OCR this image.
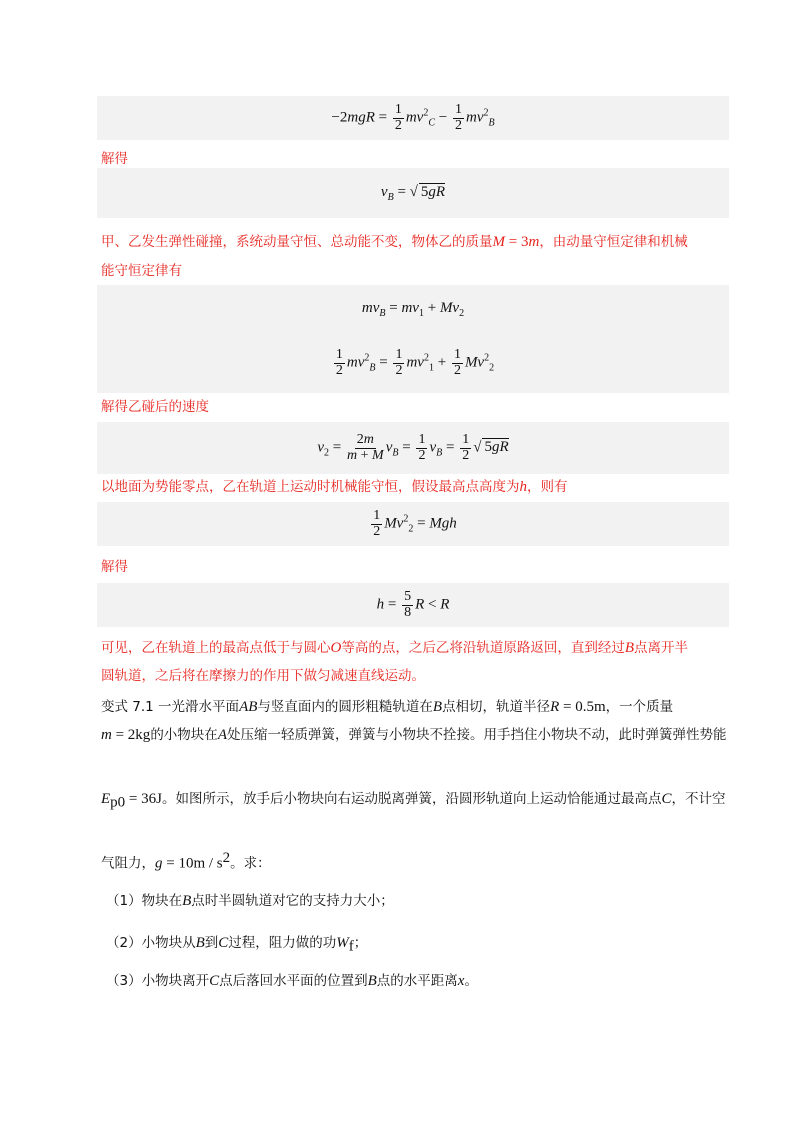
$-2mgR = \frac{1}{2} mv^2_C - \frac{1}{2} mv^2_B$
解得
$v_B$ = √ 5gR
甲、乙发生弹性碰撞，系统动量守恒、总动能不变，物体乙的质量M = 3m，由动量守恒定律和机械
能守恒定律有
$mv_B = mv_1 + Mv_2$
$\frac{1}{2} mv^2_B = \frac{1}{2} mv^2_1 + \frac{1}{2} Mv^2_2$
解得乙碰后的速度
$v_2 = \frac{2m}{m + M} v_B = \frac{1}{2} v_B = \frac{1}{2}$ √ 5gR
以地面为势能零点，乙在轨道上运动时机械能守恒，假设最高点高度为h，则有
$\frac{1}{2} Mv^2_2$ = Mgh
解得
$h = \frac{5}{8}$ R < R
可见，乙在轨道上的最高点低于与圆心O等高的点，之后乙将沿轨道原路返回，直到经过B点离开半
圆轨道，之后将在摩擦力的作用下做匀减速直线运动。
变式 7.1 一光滑水平面AB与竖直面内的圆形粗糙轨道在B点相切，轨道半径R = 0.5m，一个质量
m = 2kg的小物块在A处压缩一轻质弹簧，弹簧与小物块不拴接。用手挡住小物块不动，此时弹簧弹性势能
$E_{p0} = 36J$。如图所示，放手后小物块向右运动脱离弹簧，沿圆形轨道向上运动恰能通过最高点C，不计空
气阻力，$g = 10m / s^2$。求：
（1）物块在B点时半圆轨道对它的支持力大小；
（2）小物块从B到C过程，阻力做的功$W_f$；
（3）小物块离开C点后落回水平面的位置到B点的水平距离x。
